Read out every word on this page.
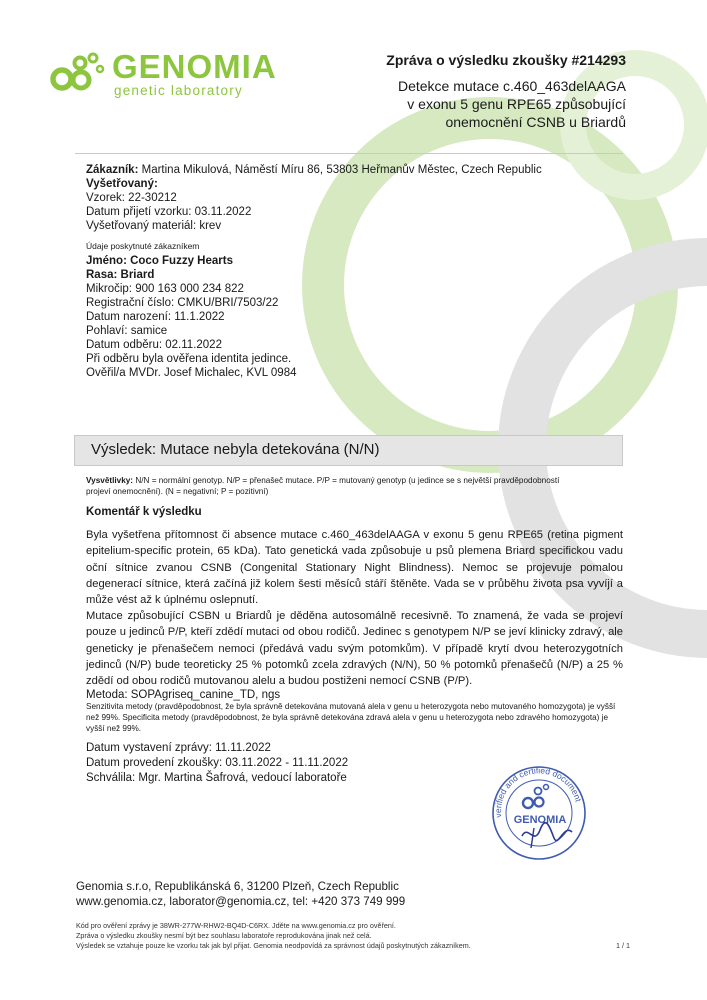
GENOMIA
genetic laboratory
Zpráva o výsledku zkoušky #214293
Detekce mutace c.460_463delAAGA
v exonu 5 genu RPE65 způsobující
onemocnění CSNB u Briardů
Zákazník: Martina Mikulová, Náměstí Míru 86, 53803 Heřmanův Městec, Czech Republic
Vyšetřovaný:
Vzorek: 22-30212
Datum přijetí vzorku: 03.11.2022
Vyšetřovaný materiál: krev
Údaje poskytnuté zákazníkem
Jméno: Coco Fuzzy Hearts
Rasa: Briard
Mikročip: 900 163 000 234 822
Registrační číslo: CMKU/BRI/7503/22
Datum narození: 11.1.2022
Pohlaví: samice
Datum odběru: 02.11.2022
Při odběru byla ověřena identita jedince.
Ověřil/a MVDr. Josef Michalec, KVL 0984
Výsledek: Mutace nebyla detekována (N/N)
Vysvětlivky: N/N = normální genotyp. N/P = přenašeč mutace. P/P = mutovaný genotyp (u jedince se s největší pravděpodobností
projeví onemocnění). (N = negativní; P = pozitivní)
Komentář k výsledku
Byla vyšetřena přítomnost či absence mutace c.460_463delAAGA v exonu 5 genu RPE65 (retina pigment epitelium-specific protein, 65 kDa). Tato genetická vada způsobuje u psů plemena Briard specifickou vadu oční sítnice zvanou CSNB (Congenital Stationary Night Blindness). Nemoc se projevuje pomalou degenerací sítnice, která začíná již kolem šesti měsíců stáří štěněte. Vada se v průběhu života psa vyvíjí a může vést až k úplnému oslepnutí.
Mutace způsobující CSBN u Briardů je děděna autosomálně recesivně. To znamená, že vada se projeví pouze u jedinců P/P, kteří zdědí mutaci od obou rodičů. Jedinec s genotypem N/P se jeví klinicky zdravý, ale geneticky je přenašečem nemoci (předává vadu svým potomkům). V případě krytí dvou heterozygotních jedinců (N/P) bude teoreticky 25 % potomků zcela zdravých (N/N), 50 % potomků přenašečů (N/P) a 25 % zdědí od obou rodičů mutovanou alelu a budou postiženi nemocí CSNB (P/P).
Metoda: SOPAgriseq_canine_TD, ngs
Senzitivita metody (pravděpodobnost, že byla správně detekována mutovaná alela v genu u heterozygota nebo mutovaného homozygota) je vyšší než 99%. Specificita metody (pravděpodobnost, že byla správně detekována zdravá alela v genu u heterozygota nebo zdravého homozygota) je vyšší než 99%.
Datum vystavení zprávy: 11.11.2022
Datum provedení zkoušky: 03.11.2022 - 11.11.2022
Schválila: Mgr. Martina Šafrová, vedoucí laboratoře
verified and certified document
GENOMIA
Genomia s.r.o, Republikánská 6, 31200 Plzeň, Czech Republic
www.genomia.cz, laborator@genomia.cz, tel: +420 373 749 999
Kód pro ověření zprávy je 38WR-277W-RHW2-BQ4D-C6RX. Jděte na www.genomia.cz pro ověření.
Zpráva o výsledku zkoušky nesmí být bez souhlasu laboratoře reprodukována jinak než celá.
Výsledek se vztahuje pouze ke vzorku tak jak byl přijat. Genomia neodpovídá za správnost údajů poskytnutých zákazníkem.	1 / 1
